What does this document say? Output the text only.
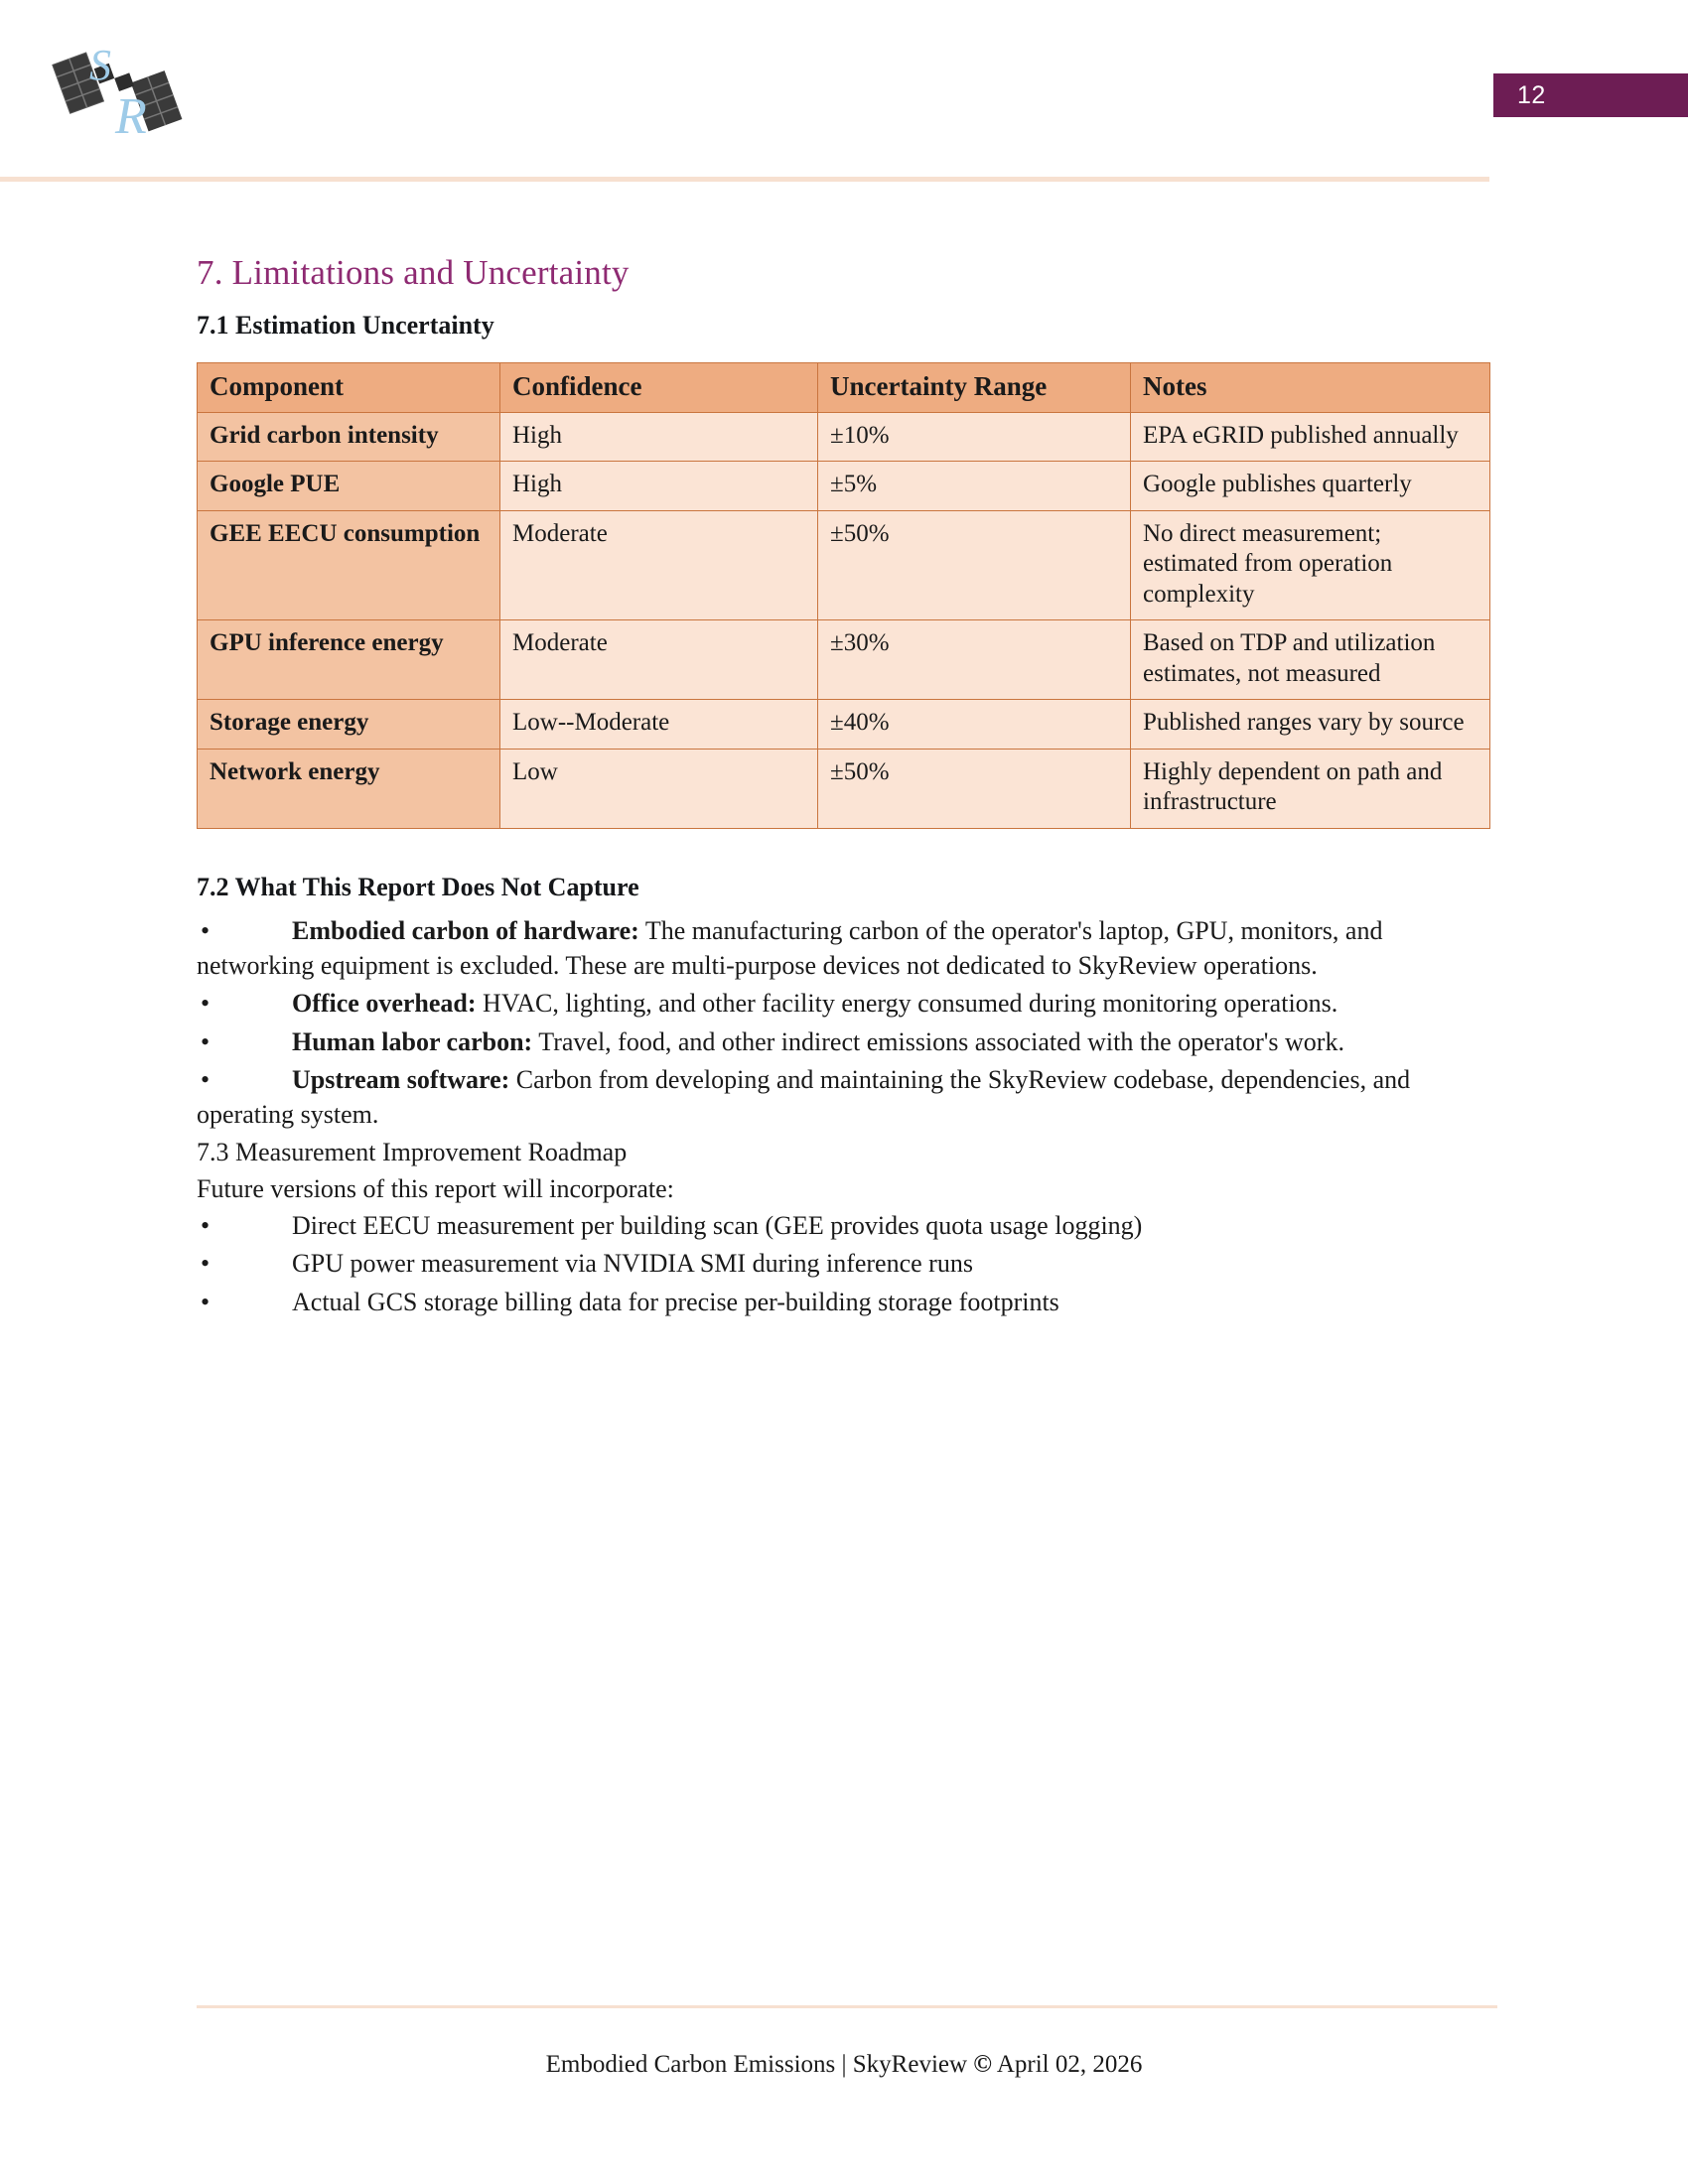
S
R	12
7. Limitations and Uncertainty
7.1 Estimation Uncertainty
Component	Confidence	Uncertainty Range	Notes
Grid carbon intensity	High	±10%	EPA eGRID published annually
Google PUE	High	±5%	Google publishes quarterly
GEE EECU consumption	Moderate	±50%	No direct measurement; estimated from operation complexity
GPU inference energy	Moderate	±30%	Based on TDP and utilization estimates, not measured
Storage energy	Low--Moderate	±40%	Published ranges vary by source
Network energy	Low	±50%	Highly dependent on path and infrastructure
7.2 What This Report Does Not Capture
•	Embodied carbon of hardware: The manufacturing carbon of the operator's laptop, GPU, monitors, and networking equipment is excluded. These are multi-purpose devices not dedicated to SkyReview operations.
•	Office overhead: HVAC, lighting, and other facility energy consumed during monitoring operations.
•	Human labor carbon: Travel, food, and other indirect emissions associated with the operator's work.
•	Upstream software: Carbon from developing and maintaining the SkyReview codebase, dependencies, and operating system.

7.3 Measurement Improvement Roadmap

Future versions of this report will incorporate:

•	Direct EECU measurement per building scan (GEE provides quota usage logging)
•	GPU power measurement via NVIDIA SMI during inference runs
•	Actual GCS storage billing data for precise per-building storage footprints
Embodied Carbon Emissions | SkyReview © April 02, 2026
